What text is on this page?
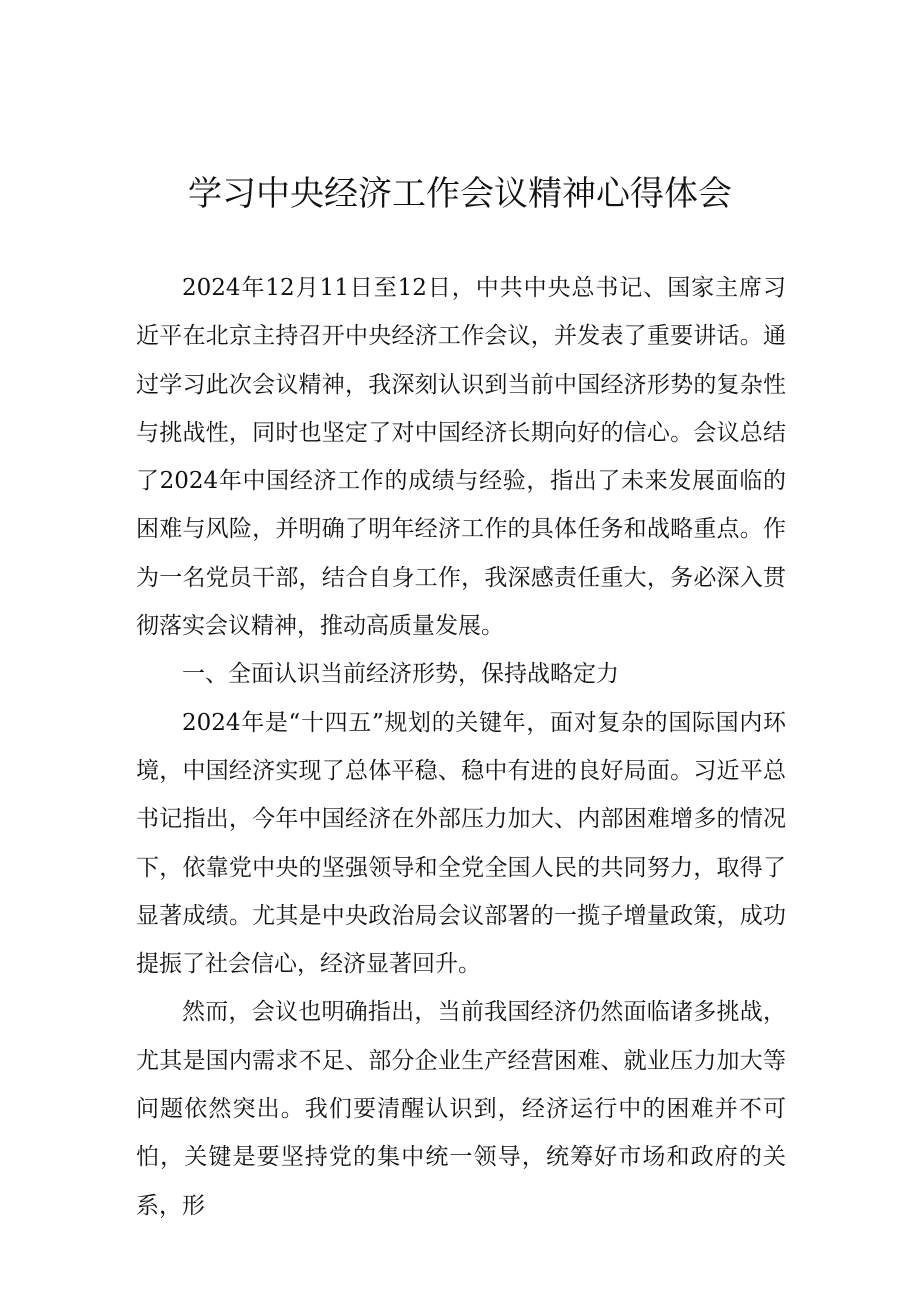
学习中央经济工作会议精神心得体会

2024年12月11日至12日，中共中央总书记、国家主席习近平在北京主持召开中央经济工作会议，并发表了重要讲话。通过学习此次会议精神，我深刻认识到当前中国经济形势的复杂性与挑战性，同时也坚定了对中国经济长期向好的信心。会议总结了2024年中国经济工作的成绩与经验，指出了未来发展面临的困难与风险，并明确了明年经济工作的具体任务和战略重点。作为一名党员干部，结合自身工作，我深感责任重大，务必深入贯彻落实会议精神，推动高质量发展。

一、全面认识当前经济形势，保持战略定力

2024年是“十四五”规划的关键年，面对复杂的国际国内环境，中国经济实现了总体平稳、稳中有进的良好局面。习近平总书记指出，今年中国经济在外部压力加大、内部困难增多的情况下，依靠党中央的坚强领导和全党全国人民的共同努力，取得了显著成绩。尤其是中央政治局会议部署的一揽子增量政策，成功提振了社会信心，经济显著回升。

然而，会议也明确指出，当前我国经济仍然面临诸多挑战，尤其是国内需求不足、部分企业生产经营困难、就业压力加大等问题依然突出。我们要清醒认识到，经济运行中的困难并不可怕，关键是要坚持党的集中统一领导，统筹好市场和政府的关系，形
